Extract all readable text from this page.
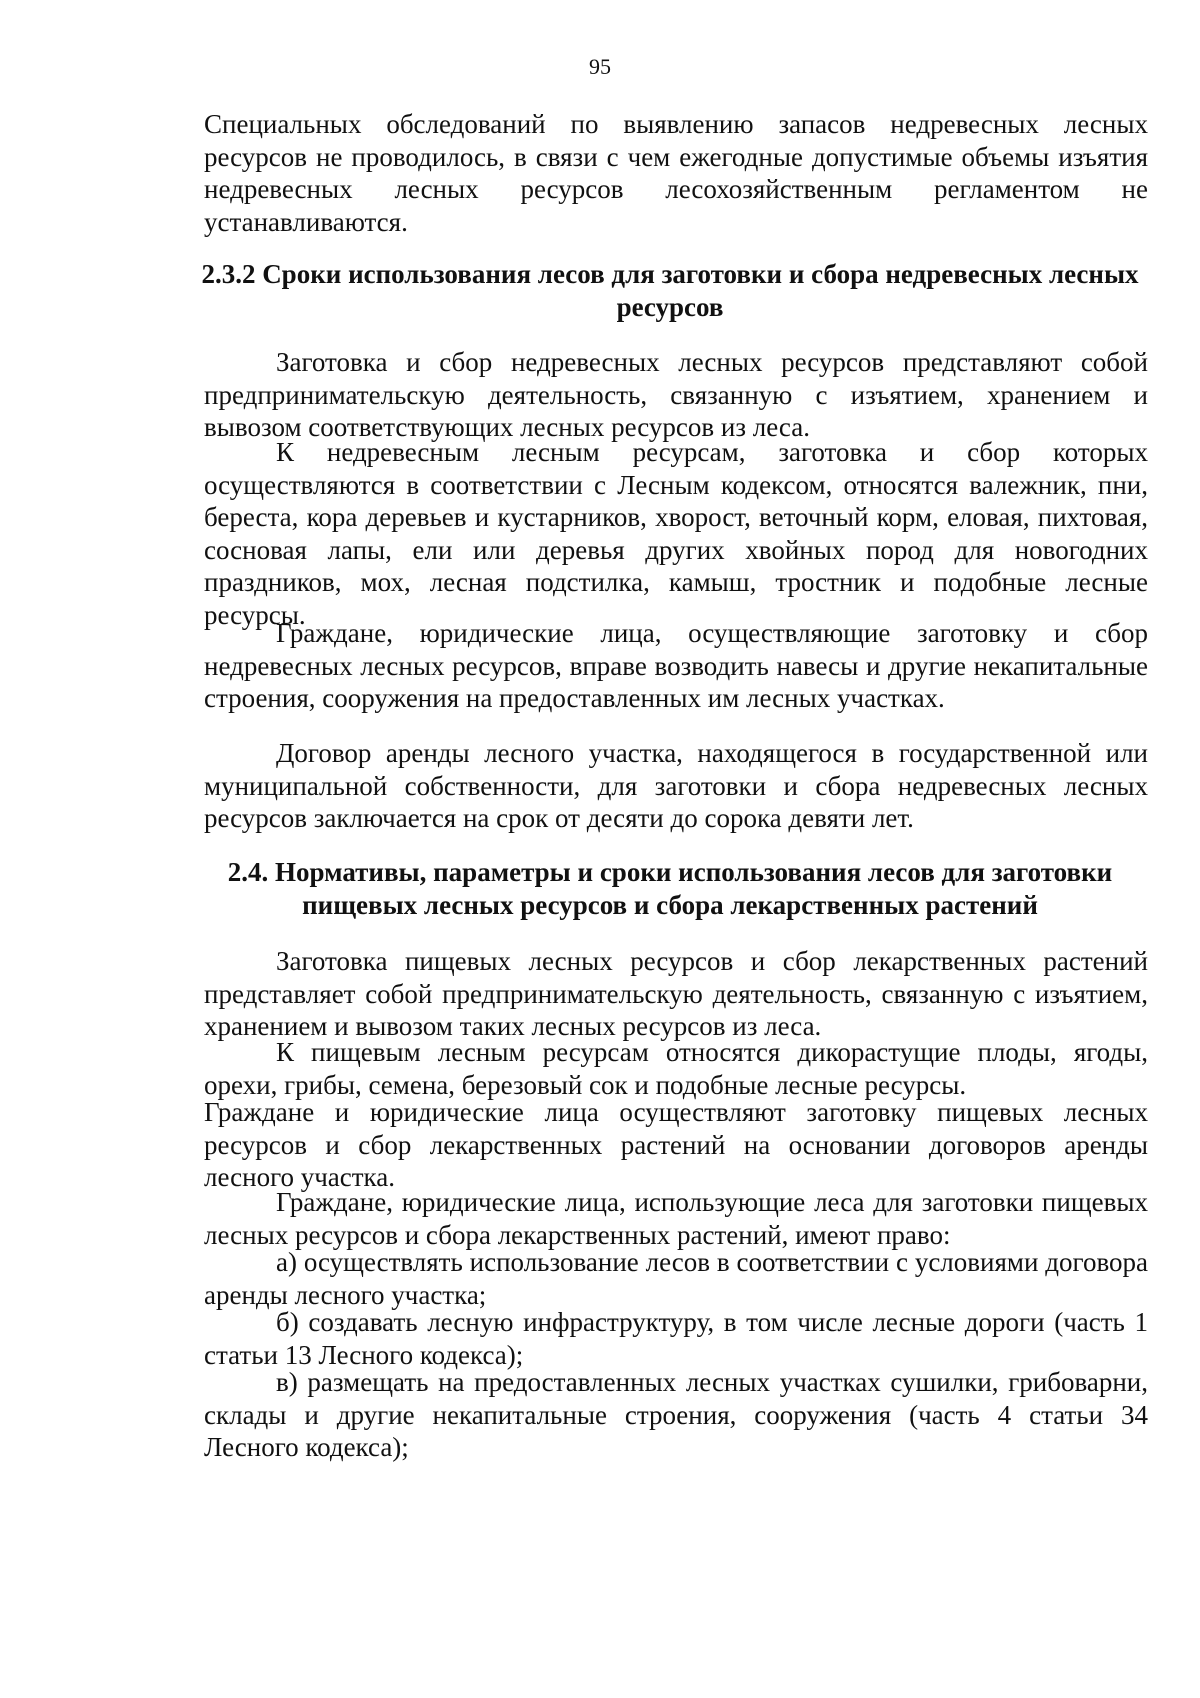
95

Специальных обследований по выявлению запасов недревесных лесных ресурсов не проводилось, в связи с чем ежегодные допустимые объемы изъятия недревесных лесных ресурсов лесохозяйственным регламентом не устанавливаются.

2.3.2 Сроки использования лесов для заготовки и сбора недревесных лесных ресурсов

Заготовка и сбор недревесных лесных ресурсов представляют собой предпринимательскую деятельность, связанную с изъятием, хранением и вывозом соответствующих лесных ресурсов из леса.

К недревесным лесным ресурсам, заготовка и сбор которых осуществляются в соответствии с Лесным кодексом, относятся валежник, пни, береста, кора деревьев и кустарников, хворост, веточный корм, еловая, пихтовая, сосновая лапы, ели или деревья других хвойных пород для новогодних праздников, мох, лесная подстилка, камыш, тростник и подобные лесные ресурсы.

Граждане, юридические лица, осуществляющие заготовку и сбор недревесных лесных ресурсов, вправе возводить навесы и другие некапитальные строения, сооружения на предоставленных им лесных участках.

Договор аренды лесного участка, находящегося в государственной или муниципальной собственности, для заготовки и сбора недревесных лесных ресурсов заключается на срок от десяти до сорока девяти лет.

2.4. Нормативы, параметры и сроки использования лесов для заготовки пищевых лесных ресурсов и сбора лекарственных растений

Заготовка пищевых лесных ресурсов и сбор лекарственных растений представляет собой предпринимательскую деятельность, связанную с изъятием, хранением и вывозом таких лесных ресурсов из леса.

К пищевым лесным ресурсам относятся дикорастущие плоды, ягоды, орехи, грибы, семена, березовый сок и подобные лесные ресурсы.

Граждане и юридические лица осуществляют заготовку пищевых лесных ресурсов и сбор лекарственных растений на основании договоров аренды лесного участка.

Граждане, юридические лица, использующие леса для заготовки пищевых лесных ресурсов и сбора лекарственных растений, имеют право:

а) осуществлять использование лесов в соответствии с условиями договора аренды лесного участка;

б) создавать лесную инфраструктуру, в том числе лесные дороги (часть 1 статьи 13 Лесного кодекса);

в) размещать на предоставленных лесных участках сушилки, грибоварни, склады и другие некапитальные строения, сооружения (часть 4 статьи 34 Лесного кодекса);
